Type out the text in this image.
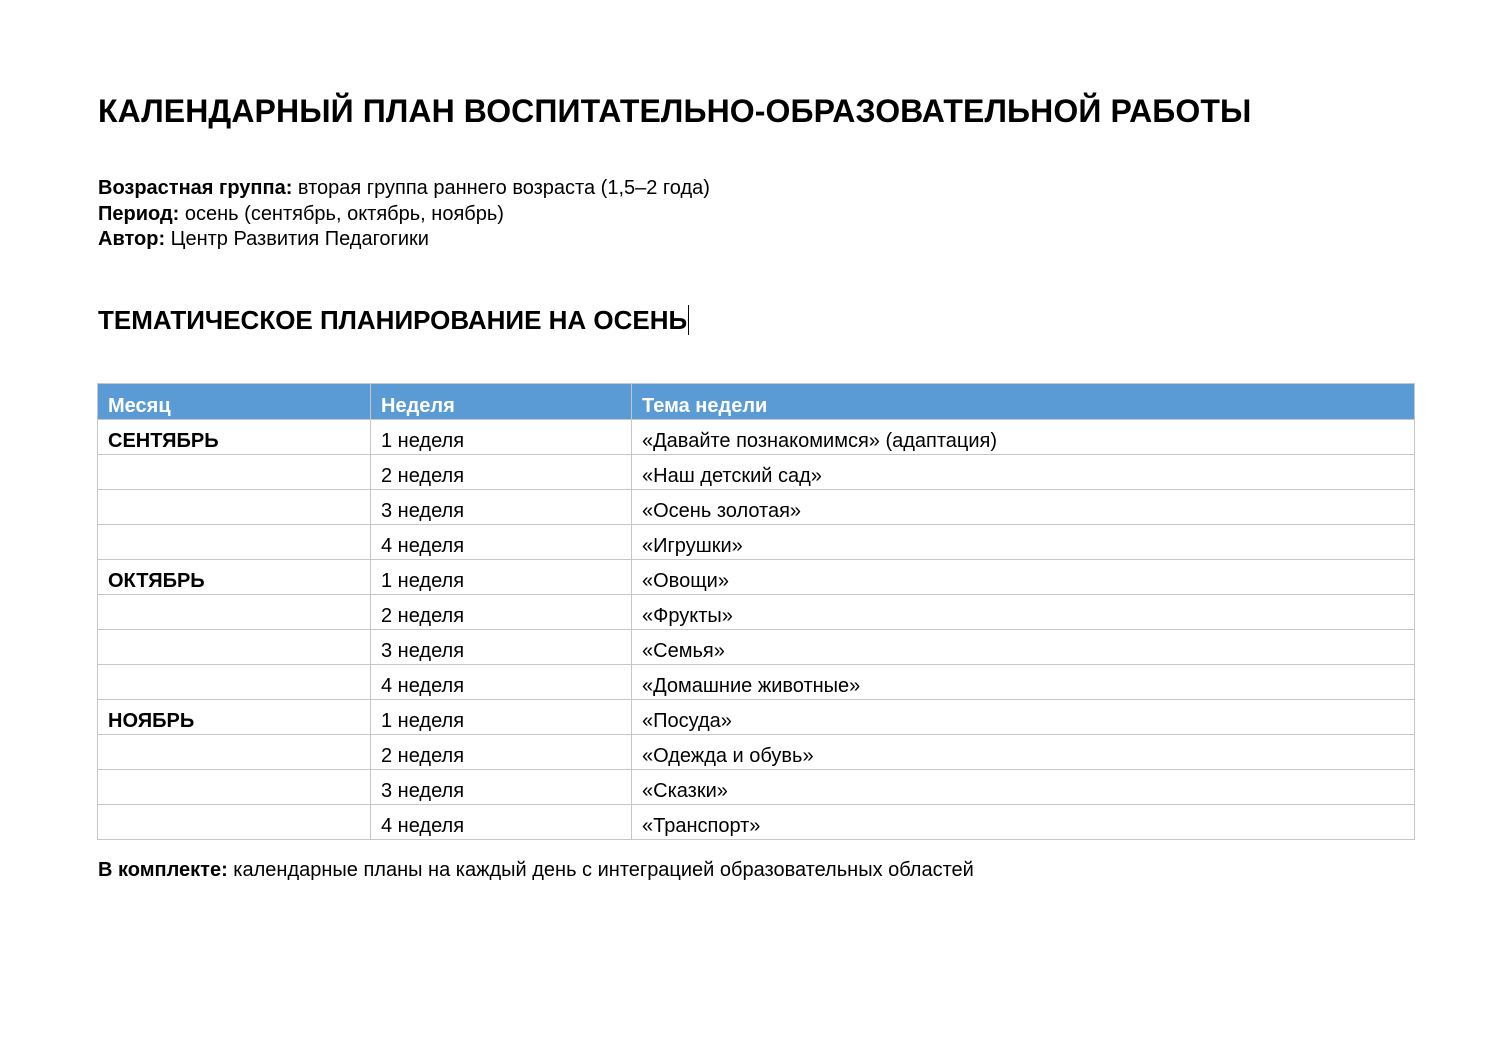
КАЛЕНДАРНЫЙ ПЛАН ВОСПИТАТЕЛЬНО-ОБРАЗОВАТЕЛЬНОЙ РАБОТЫ
Возрастная группа: вторая группа раннего возраста (1,5–2 года)
Период: осень (сентябрь, октябрь, ноябрь)
Автор: Центр Развития Педагогики
ТЕМАТИЧЕСКОЕ ПЛАНИРОВАНИЕ НА ОСЕНЬ
Месяц	Неделя	Тема недели
СЕНТЯБРЬ	1 неделя	«Давайте познакомимся» (адаптация)
	2 неделя	«Наш детский сад»
	3 неделя	«Осень золотая»
	4 неделя	«Игрушки»
ОКТЯБРЬ	1 неделя	«Овощи»
	2 неделя	«Фрукты»
	3 неделя	«Семья»
	4 неделя	«Домашние животные»
НОЯБРЬ	1 неделя	«Посуда»
	2 неделя	«Одежда и обувь»
	3 неделя	«Сказки»
	4 неделя	«Транспорт»
В комплекте: календарные планы на каждый день с интеграцией образовательных областей
